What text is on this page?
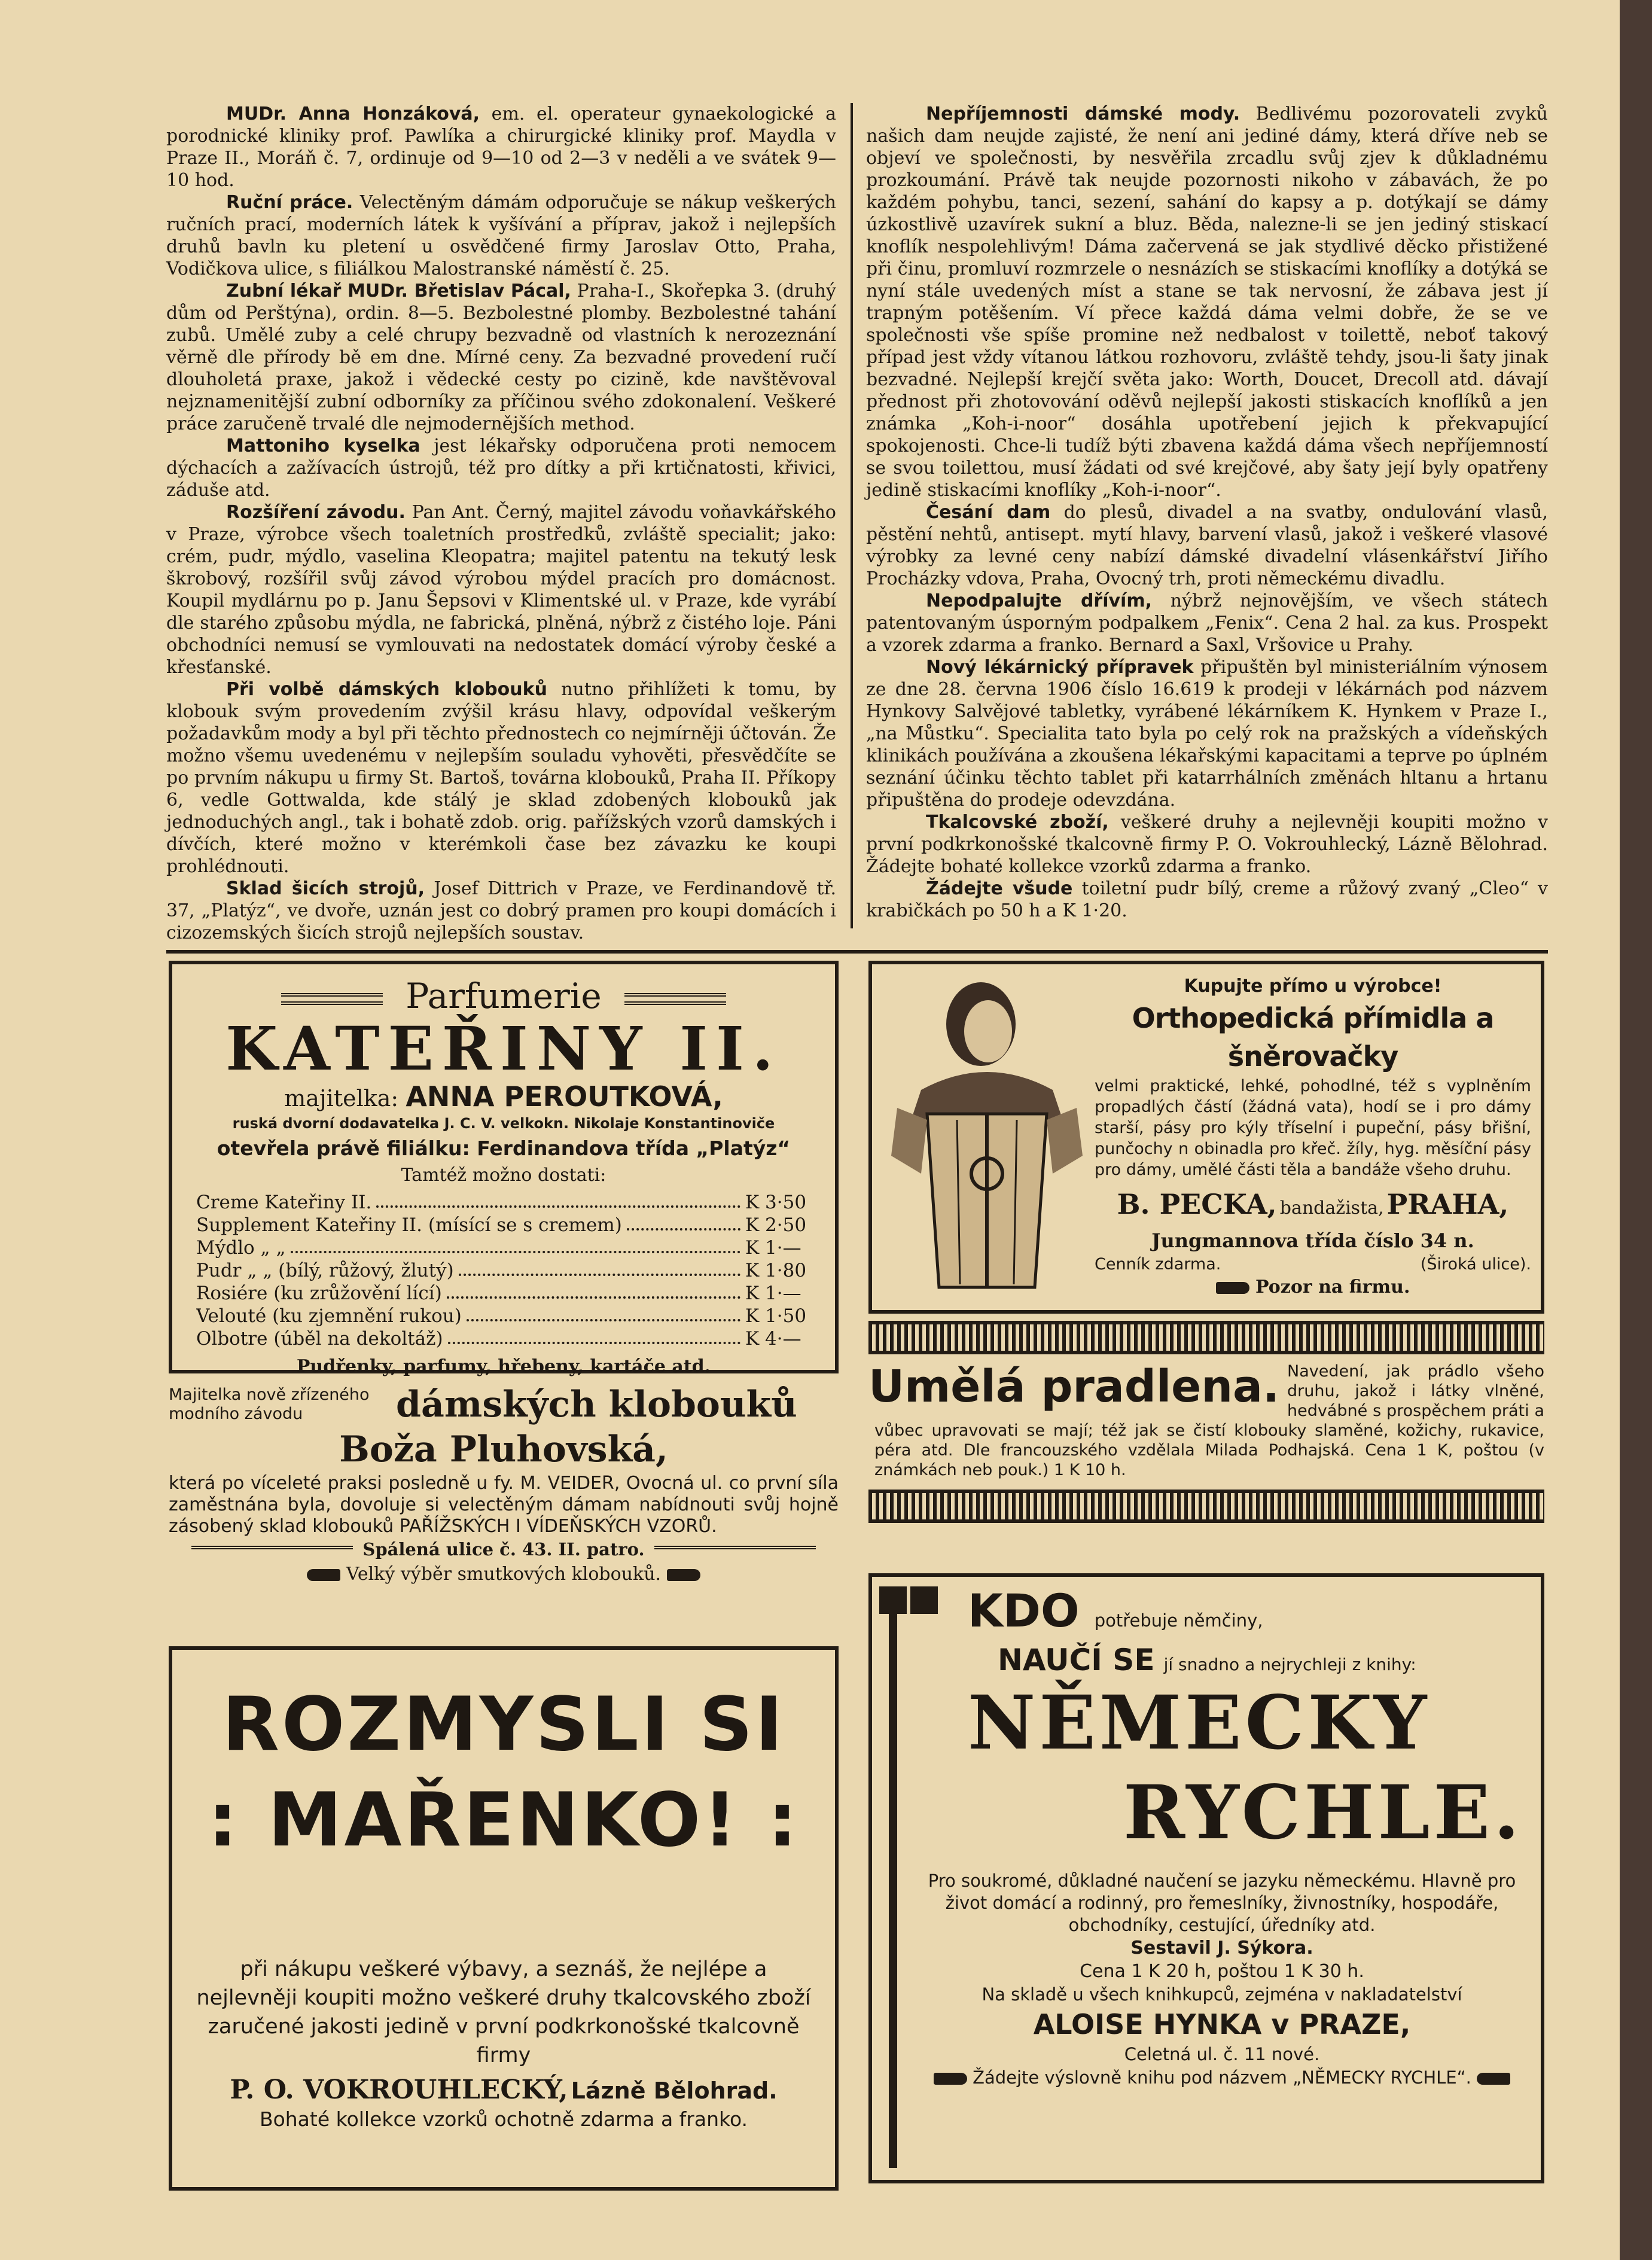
MUDr. Anna Honzáková, em. el. operateur gynaekologické a porodnické kliniky prof. Pawlíka a chirurgické kliniky prof. Maydla v Praze II., Moráň č. 7, ordinuje od 9—10 od 2—3 v neděli a ve svátek 9—10 hod.

Ruční práce. Velectěným dámám odporučuje se nákup veškerých ručních prací, moderních látek k vyšívání a příprav, jakož i nejlepších druhů bavln ku pletení u osvědčené firmy Jaroslav Otto, Praha, Vodičkova ulice, s filiálkou Malostranské náměstí č. 25.

Zubní lékař MUDr. Břetislav Pácal, Praha-I., Skořepka 3. (druhý dům od Perštýna), ordin. 8—5. Bezbolestné plomby. Bezbolestné tahání zubů. Umělé zuby a celé chrupy bezvadně od vlastních k nerozeznání věrně dle přírody bě em dne. Mírné ceny. Za bezvadné provedení ručí dlouholetá praxe, jakož i vědecké cesty po cizině, kde navštěvoval nejznamenitější zubní odborníky za příčinou svého zdokonalení. Veškeré práce zaručeně trvalé dle nejmodernějších method.

Mattoniho kyselka jest lékařsky odporučena proti nemocem dýchacích a zažívacích ústrojů, též pro dítky a při krtičnatosti, křivici, záduše atd.

Rozšíření závodu. Pan Ant. Černý, majitel závodu voňavkářského v Praze, výrobce všech toaletních prostředků, zvláště specialit; jako: crém, pudr, mýdlo, vaselina Kleopatra; majitel patentu na tekutý lesk škrobový, rozšířil svůj závod výrobou mýdel pracích pro domácnost. Koupil mydlárnu po p. Janu Šepsovi v Klimentské ul. v Praze, kde vyrábí dle starého způsobu mýdla, ne fabrická, plněná, nýbrž z čistého loje. Páni obchodníci nemusí se vymlouvati na nedostatek domácí výroby české a křesťanské.

Při volbě dámských klobouků nutno přihlížeti k tomu, by klobouk svým provedením zvýšil krásu hlavy, odpovídal veškerým požadavkům mody a byl při těchto přednostech co nejmírněji účtován. Že možno všemu uvedenému v nejlepším souladu vyhověti, přesvědčíte se po prvním nákupu u firmy St. Bartoš, továrna klobouků, Praha II. Příkopy 6, vedle Gottwalda, kde stálý je sklad zdobených klobouků jak jednoduchých angl., tak i bohatě zdob. orig. pařížských vzorů damských i dívčích, které možno v kterémkoli čase bez závazku ke koupi prohlédnouti.

Sklad šicích strojů, Josef Dittrich v Praze, ve Ferdinandově tř. 37, „Platýz“, ve dvoře, uznán jest co dobrý pramen pro koupi domácích i cizozemských šicích strojů nejlepších soustav.

Nepříjemnosti dámské mody. Bedlivému pozorovateli zvyků našich dam neujde zajisté, že není ani jediné dámy, která dříve neb se objeví ve společnosti, by nesvěřila zrcadlu svůj zjev k důkladnému prozkoumání. Právě tak neujde pozornosti nikoho v zábavách, že po každém pohybu, tanci, sezení, sahání do kapsy a p. dotýkají se dámy úzkostlivě uzavírek sukní a bluz. Běda, nalezne-li se jen jediný stiskací knoflík nespolehlivým! Dáma začervená se jak stydlivé děcko přistižené při činu, promluví rozmrzele o nesnázích se stiskacími knoflíky a dotýká se nyní stále uvedených míst a stane se tak nervosní, že zábava jest jí trapným potěšením. Ví přece každá dáma velmi dobře, že se ve společnosti vše spíše promine než nedbalost v toilettě, neboť takový případ jest vždy vítanou látkou rozhovoru, zvláště tehdy, jsou-li šaty jinak bezvadné. Nejlepší krejčí světa jako: Worth, Doucet, Drecoll atd. dávají přednost při zhotovování oděvů nejlepší jakosti stiskacích knoflíků a jen známka „Koh-i-noor“ dosáhla upotřebení jejich k překvapující spokojenosti. Chce-li tudíž býti zbavena každá dáma všech nepříjemností se svou toilettou, musí žádati od své krejčové, aby šaty její byly opatřeny jedině stiskacími knoflíky „Koh-i-noor“.

Česání dam do plesů, divadel a na svatby, ondulování vlasů, pěstění nehtů, antisept. mytí hlavy, barvení vlasů, jakož i veškeré vlasové výrobky za levné ceny nabízí dámské divadelní vlásenkářství Jiřího Procházky vdova, Praha, Ovocný trh, proti německému divadlu.

Nepodpalujte dřívím, nýbrž nejnovějším, ve všech státech patentovaným úsporným podpalkem „Fenix“. Cena 2 hal. za kus. Prospekt a vzorek zdarma a franko. Bernard a Saxl, Vršovice u Prahy.

Nový lékárnický přípravek připuštěn byl ministeriálním výnosem ze dne 28. června 1906 číslo 16.619 k prodeji v lékárnách pod názvem Hynkovy Salvějové tabletky, vyrábené lékárníkem K. Hynkem v Praze I., „na Můstku“. Specialita tato byla po celý rok na pražských a vídeňských klinikách používána a zkoušena lékařskými kapacitami a teprve po úplném seznání účinku těchto tablet při katarrhálních změnách hltanu a hrtanu připuštěna do prodeje odevzdána.

Tkalcovské zboží, veškeré druhy a nejlevněji koupiti možno v první podkrkonošské tkalcovně firmy P. O. Vokrouhlecký, Lázně Bělohrad. Žádejte bohaté kollekce vzorků zdarma a franko.

Žádejte všude toiletní pudr bílý, creme a růžový zvaný „Cleo“ v krabičkách po 50 h a K 1·20.

Parfumerie
KATEŘINY II.
majitelka: ANNA PEROUTKOVÁ,
ruská dvorní dodavatelka J. C. V. velkokn. Nikolaje Konstantinoviče
otevřela právě filiálku: Ferdinandova třída „Platýz“
Tamtéž možno dostati:
Creme Kateřiny II.	K 3·50
Supplement Kateřiny II. (mísící se s cremem)	K 2·50
Mýdlo „ „	K 1·—
Pudr „ „ (bílý, růžový, žlutý)	K 1·80
Rosiére (ku zrůžovění lící)	K 1·—
Velouté (ku zjemnění rukou)	K 1·50
Olbotre (úběl na dekoltáž)	K 4·—
Pudřenky, parfumy, hřebeny, kartáče atd.
Kupujte přímo u výrobce!
Orthopedická přímidla a šněrovačky
velmi praktické, lehké, pohodlné, též s vyplněním propadlých částí (žádná vata), hodí se i pro dámy starší, pásy pro kýly tříselní i pupeční, pásy břišní, punčochy n obinadla pro křeč. žíly, hyg. měsíční pásy pro dámy, umělé části těla a bandáže všeho druhu.
B. PECKA, bandažista, PRAHA,
Jungmannova třída číslo 34 n.
Cenník zdarma.	(Široká ulice).
Pozor na firmu.
Umělá pradlena. Navedení, jak prádlo všeho druhu, jakož i látky vlněné, hedvábné s prospěchem práti a vůbec upravovati se mají; též jak se čistí klobouky slaměné, kožichy, rukavice, péra atd. Dle francouzského vzdělala Milada Podhajská. Cena 1 K, poštou (v známkách neb pouk.) 1 K 10 h.
Majitelka nově zřízeného modního závodu	dámských klobouků
Boža Pluhovská,
která po víceleté praksi posledně u fy. M. VEIDER, Ovocná ul. co první síla zaměstnána byla, dovoluje si velectěným dámam nabídnouti svůj hojně zásobený sklad klobouků PAŘÍŽSKÝCH I VÍDEŇSKÝCH VZORŮ.
Spálená ulice č. 43. II. patro.
Velký výběr smutkových klobouků.
ROZMYSLI SI
: MAŘENKO! :
při nákupu veškeré výbavy, a seznáš, že nejlépe a nejlevněji koupiti možno veškeré druhy tkalcovského zboží zaručené jakosti jedině v první podkrkonošské tkalcovně firmy
P. O. VOKROUHLECKÝ, Lázně Bělohrad.
Bohaté kollekce vzorků ochotně zdarma a franko.
KDO potřebuje němčiny,
NAUČÍ SE jí snadno a nejrychleji z knihy:
NĚMECKY
RYCHLE.
Pro soukromé, důkladné naučení se jazyku německému. Hlavně pro život domácí a rodinný, pro řemeslníky, živnostníky, hospodáře, obchodníky, cestující, úředníky atd.
Sestavil J. Sýkora.
Cena 1 K 20 h, poštou 1 K 30 h.
Na skladě u všech knihkupců, zejména v nakladatelství
ALOISE HYNKA v PRAZE,
Celetná ul. č. 11 nové.
Žádejte výslovně knihu pod názvem „NĚMECKY RYCHLE“.
